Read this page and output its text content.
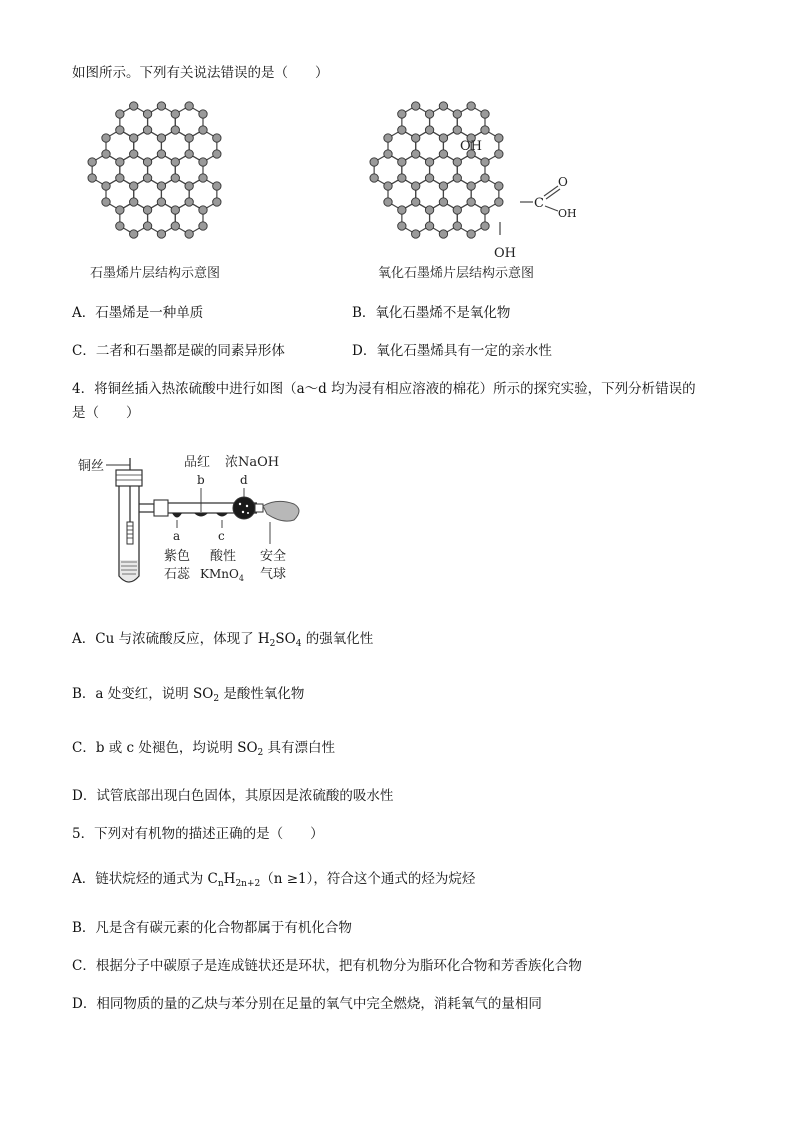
如图所示。下列有关说法错误的是（　　）
石墨烯片层结构示意图
OH
C
O
OH
OH
氧化石墨烯片层结构示意图
A．石墨烯是一种单质	B．氧化石墨烯不是氧化物
C．二者和石墨都是碳的同素异形体	D．氧化石墨烯具有一定的亲水性
4．将铜丝插入热浓硫酸中进行如图（a～d 均为浸有相应溶液的棉花）所示的探究实验，下列分析错误的
是（　　）
铜丝	品红
b
浓NaOH
d
a
紫色
石蕊
c
酸性
KMnO$_4$
安全
气球
A．Cu 与浓硫酸反应，体现了 $H_2SO_4$ 的强氧化性
B．a 处变红，说明 $SO_2$ 是酸性氧化物
C．b 或 c 处褪色，均说明 $SO_2$ 具有漂白性
D．试管底部出现白色固体，其原因是浓硫酸的吸水性
5．下列对有机物的描述正确的是（　　）
A．链状烷烃的通式为 $C_nH_{2n+2}(n \ge 1)$，符合这个通式的烃为烷烃
B．凡是含有碳元素的化合物都属于有机化合物
C．根据分子中碳原子是连成链状还是环状，把有机物分为脂环化合物和芳香族化合物
D．相同物质的量的乙炔与苯分别在足量的氧气中完全燃烧，消耗氧气的量相同
